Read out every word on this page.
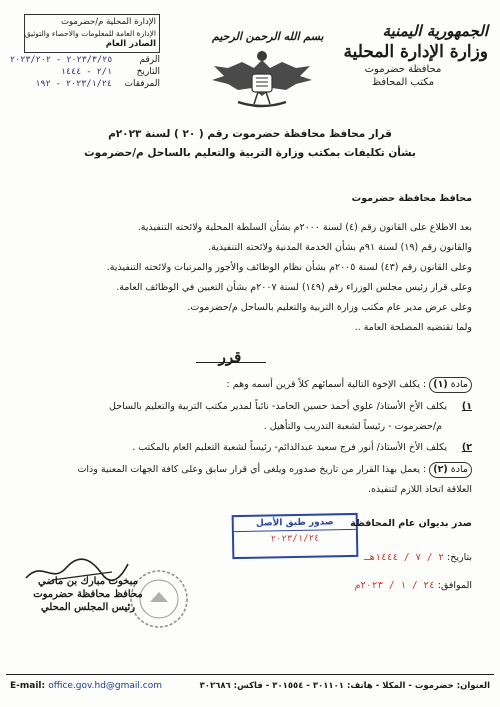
الجمهورية اليمنية
وزارة الإدارة المحلية
محافظة حضرموت
مكتب المحافظ
بسم الله الرحمن الرحيم
الإدارة المحلية م/حضرموت
الإدارة العامة للمعلومات والاحصاء والتوثيق
الصادر العام
الرقم
٢٠٢٣/٣/٢٥ - ٢٠٢٣/٢٠٢
التاريخ
٢/١ - ١٤٤٤
المرفقات
٢٠٢٣/١/٢٤ - ١٩٢
قرار محافظ محافظة حضرموت رقم ( ٢٠ ) لسنة ٢٠٢٣م
بشأن تكليفات بمكتب وزارة التربية والتعليم بالساحل م/حضرموت
محافظ محافظة حضرموت
بعد الاطلاع على القانون رقم (٤) لسنة ٢٠٠٠م بشأن السلطة المحلية ولائحته التنفيذية.
والقانون رقم (١٩) لسنة ٩١م بشأن الخدمة المدنية ولائحته التنفيذية.
وعلى القانون رقم (٤٣) لسنة ٢٠٠٥م بشأن نظام الوظائف والأجور والمرتبات ولائحته التنفيذية.
وعلى قرار رئيس مجلس الوزراء رقم (١٤٩) لسنة ٢٠٠٧م بشأن التعيين في الوظائف العامة.
وعلى عرض مدير عام مكتب وزارة التربية والتعليم بالساحل م/حضرموت.
ولما تقتضيه المصلحة العامة ..
قرر
مادة (١) : يكلف الإخوة التالية أسمائهم كلاً قرين أسمه وهم :
١) يكلف الأخ الأستاذ/ علوي أحمد حسين الحامد- نائباً لمدير مكتب التربية والتعليم بالساحل
م/حضرموت - رئيساً لشعبة التدريب والتأهيل .
٢) يكلف الأخ الأستاذ/ أنور فرج سعيد عبدالدائم- رئيساً لشعبة التعليم العام بالمكتب .
مادة (٢) : يعمل بهذا القرار من تاريخ صدوره ويلغى أي قرار سابق وعلى كافة الجهات المعنية وذات
العلاقة اتخاذ اللازم لتنفيذه.
صدور طبق الأصل
٢٠٢٣/١/٢٤
صدر بديوان عام المحافظة
بتاريخ: ٢ / ٧ / ١٤٤٤هـ
الموافق: ٢٤ / ١ / ٢٠٢٣م
مبخوت مبارك بن ماضي
محافظ محافظة حضرموت
رئيس المجلس المحلي
E-mail: office.gov.hd@gmail.com	العنوان: حضرموت - المكلا - هاتف: ٣٠١١٠١ - ٣٠١٥٥٤ - فاكس: ٣٠٢٦٨٦
